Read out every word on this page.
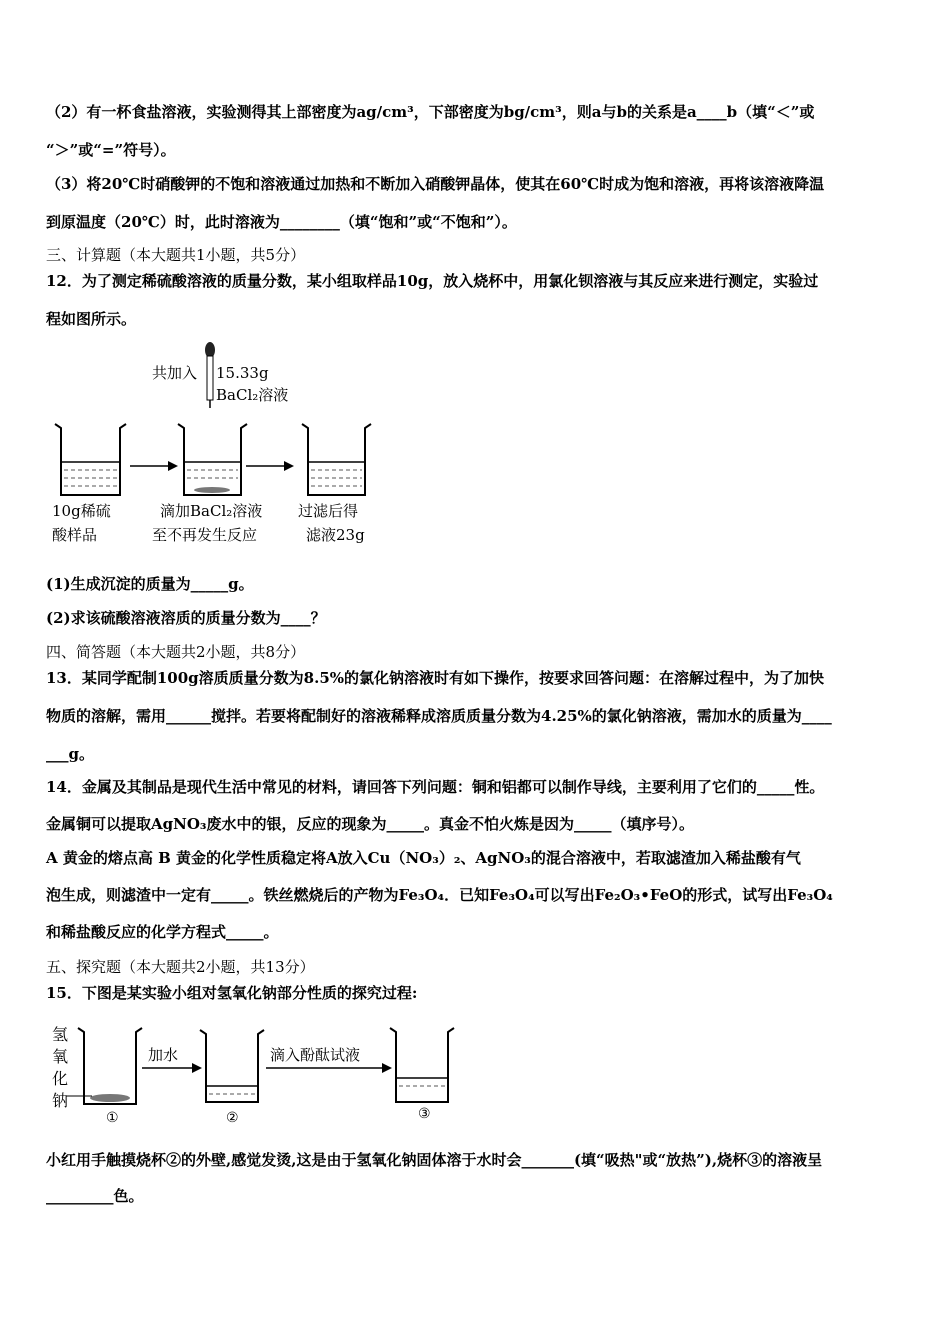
（2）有一杯食盐溶液，实验测得其上部密度为ag/cm³，下部密度为bg/cm³，则a与b的关系是a____b（填“＜”或
“＞”或“=”符号）。
（3）将20℃时硝酸钾的不饱和溶液通过加热和不断加入硝酸钾晶体，使其在60℃时成为饱和溶液，再将该溶液降温
到原温度（20℃）时，此时溶液为________（填“饱和”或“不饱和”）。
三、计算题（本大题共1小题，共5分）
12．为了测定稀硫酸溶液的质量分数，某小组取样品10g，放入烧杯中，用氯化钡溶液与其反应来进行测定，实验过
程如图所示。
共加入 15.33g
BaCl₂溶液
10g稀硫
酸样品
滴加BaCl₂溶液
至不再发生反应
过滤后得
滤液23g
(1)生成沉淀的质量为_____g。
(2)求该硫酸溶液溶质的质量分数为____？
四、简答题（本大题共2小题，共8分）
13．某同学配制100g溶质质量分数为8.5%的氯化钠溶液时有如下操作，按要求回答问题：在溶解过程中，为了加快
物质的溶解，需用______搅拌。若要将配制好的溶液稀释成溶质质量分数为4.25%的氯化钠溶液，需加水的质量为____
___g。
14．金属及其制品是现代生活中常见的材料，请回答下列问题：铜和铝都可以制作导线，主要利用了它们的_____性。
金属铜可以提取AgNO₃废水中的银，反应的现象为_____。真金不怕火炼是因为_____（填序号）。
A 黄金的熔点高 B 黄金的化学性质稳定将A放入Cu（NO₃）₂、AgNO₃的混合溶液中，若取滤渣加入稀盐酸有气
泡生成，则滤渣中一定有_____。铁丝燃烧后的产物为Fe₃O₄．已知Fe₃O₄可以写出Fe₂O₃•FeO的形式，试写出Fe₃O₄
和稀盐酸反应的化学方程式_____。
五、探究题（本大题共2小题，共13分）
15．下图是某实验小组对氢氧化钠部分性质的探究过程:
氢
氧
化
钠
①
加水
②
滴入酚酞试液
③
小红用手触摸烧杯②的外壁,感觉发烫,这是由于氢氧化钠固体溶于水时会_______(填“吸热"或“放热”),烧杯③的溶液呈
_________色。
